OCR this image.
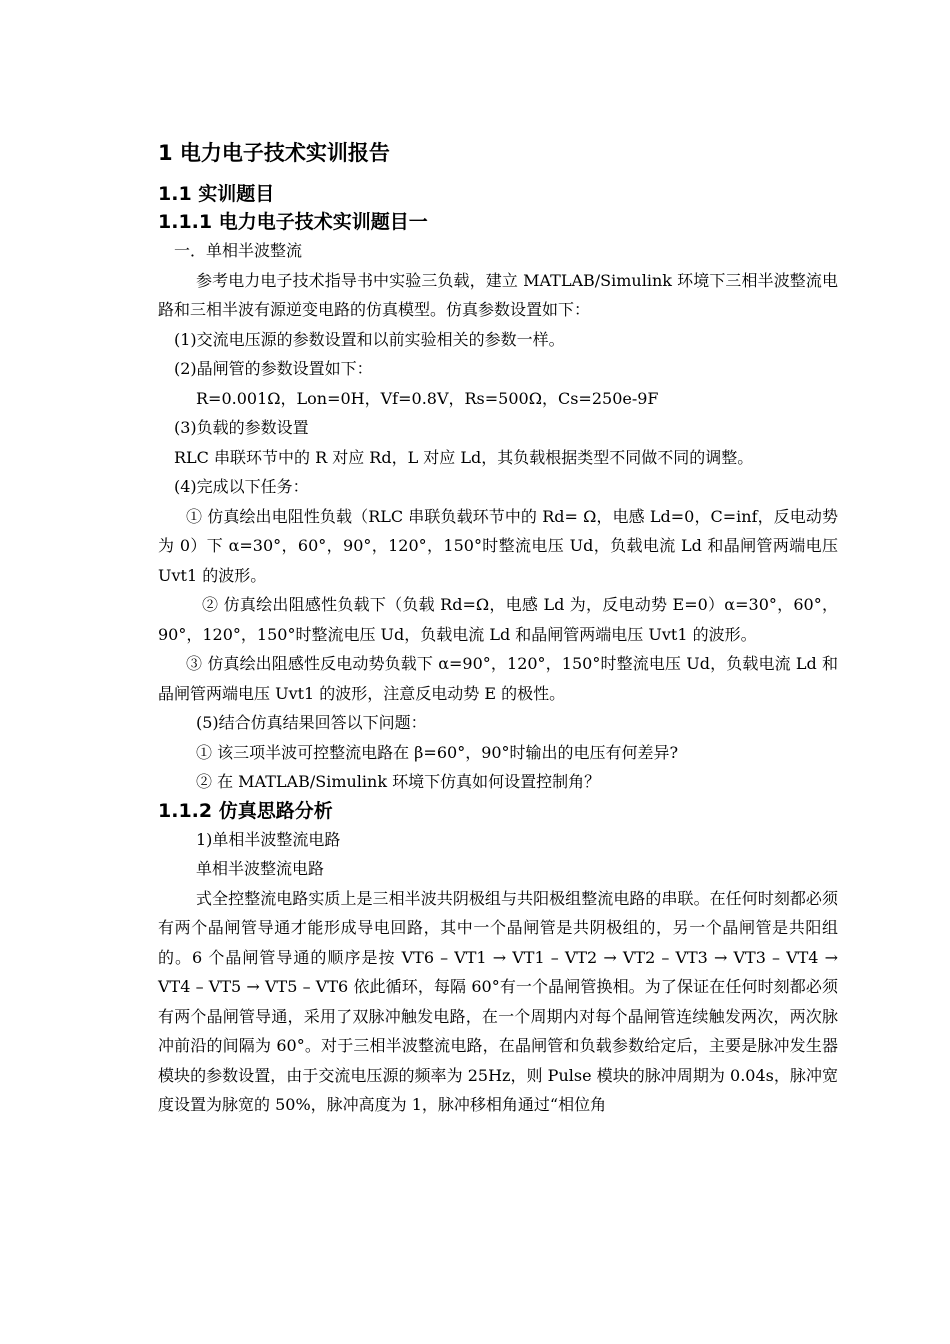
1 电力电子技术实训报告
1.1 实训题目
1.1.1 电力电子技术实训题目一

一．单相半波整流

参考电力电子技术指导书中实验三负载，建立 MATLAB/Simulink 环境下三相半波整流电路和三相半波有源逆变电路的仿真模型。仿真参数设置如下：

(1)交流电压源的参数设置和以前实验相关的参数一样。

(2)晶闸管的参数设置如下：

R=0.001Ω，Lon=0H，Vf=0.8V，Rs=500Ω，Cs=250e-9F

(3)负载的参数设置

RLC 串联环节中的 R 对应 Rd，L 对应 Ld，其负载根据类型不同做不同的调整。

(4)完成以下任务：

① 仿真绘出电阻性负载（RLC 串联负载环节中的 Rd= Ω，电感 Ld=0，C=inf，反电动势为 0）下 α=30°，60°，90°，120°，150°时整流电压 Ud，负载电流 Ld 和晶闸管两端电压 Uvt1 的波形。

② 仿真绘出阻感性负载下（负载 Rd=Ω，电感 Ld 为，反电动势 E=0）α=30°，60°，90°，120°，150°时整流电压 Ud，负载电流 Ld 和晶闸管两端电压 Uvt1 的波形。

③ 仿真绘出阻感性反电动势负载下 α=90°，120°，150°时整流电压 Ud，负载电流 Ld 和晶闸管两端电压 Uvt1 的波形，注意反电动势 E 的极性。

(5)结合仿真结果回答以下问题：

① 该三项半波可控整流电路在 β=60°，90°时输出的电压有何差异?

② 在 MATLAB/Simulink 环境下仿真如何设置控制角？

1.1.2 仿真思路分析

1)单相半波整流电路

单相半波整流电路

式全控整流电路实质上是三相半波共阴极组与共阳极组整流电路的串联。在任何时刻都必须有两个晶闸管导通才能形成导电回路，其中一个晶闸管是共阴极组的，另一个晶闸管是共阳组的。6 个晶闸管导通的顺序是按 VT6 – VT1 → VT1 – VT2 → VT2 – VT3 → VT3 – VT4 → VT4 – VT5 → VT5 – VT6 依此循环，每隔 60°有一个晶闸管换相。为了保证在任何时刻都必须有两个晶闸管导通，采用了双脉冲触发电路，在一个周期内对每个晶闸管连续触发两次，两次脉冲前沿的间隔为 60°。对于三相半波整流电路，在晶闸管和负载参数给定后，主要是脉冲发生器模块的参数设置，由于交流电压源的频率为 25Hz，则 Pulse 模块的脉冲周期为 0.04s，脉冲宽度设置为脉宽的 50%，脉冲高度为 1，脉冲移相角通过“相位角
